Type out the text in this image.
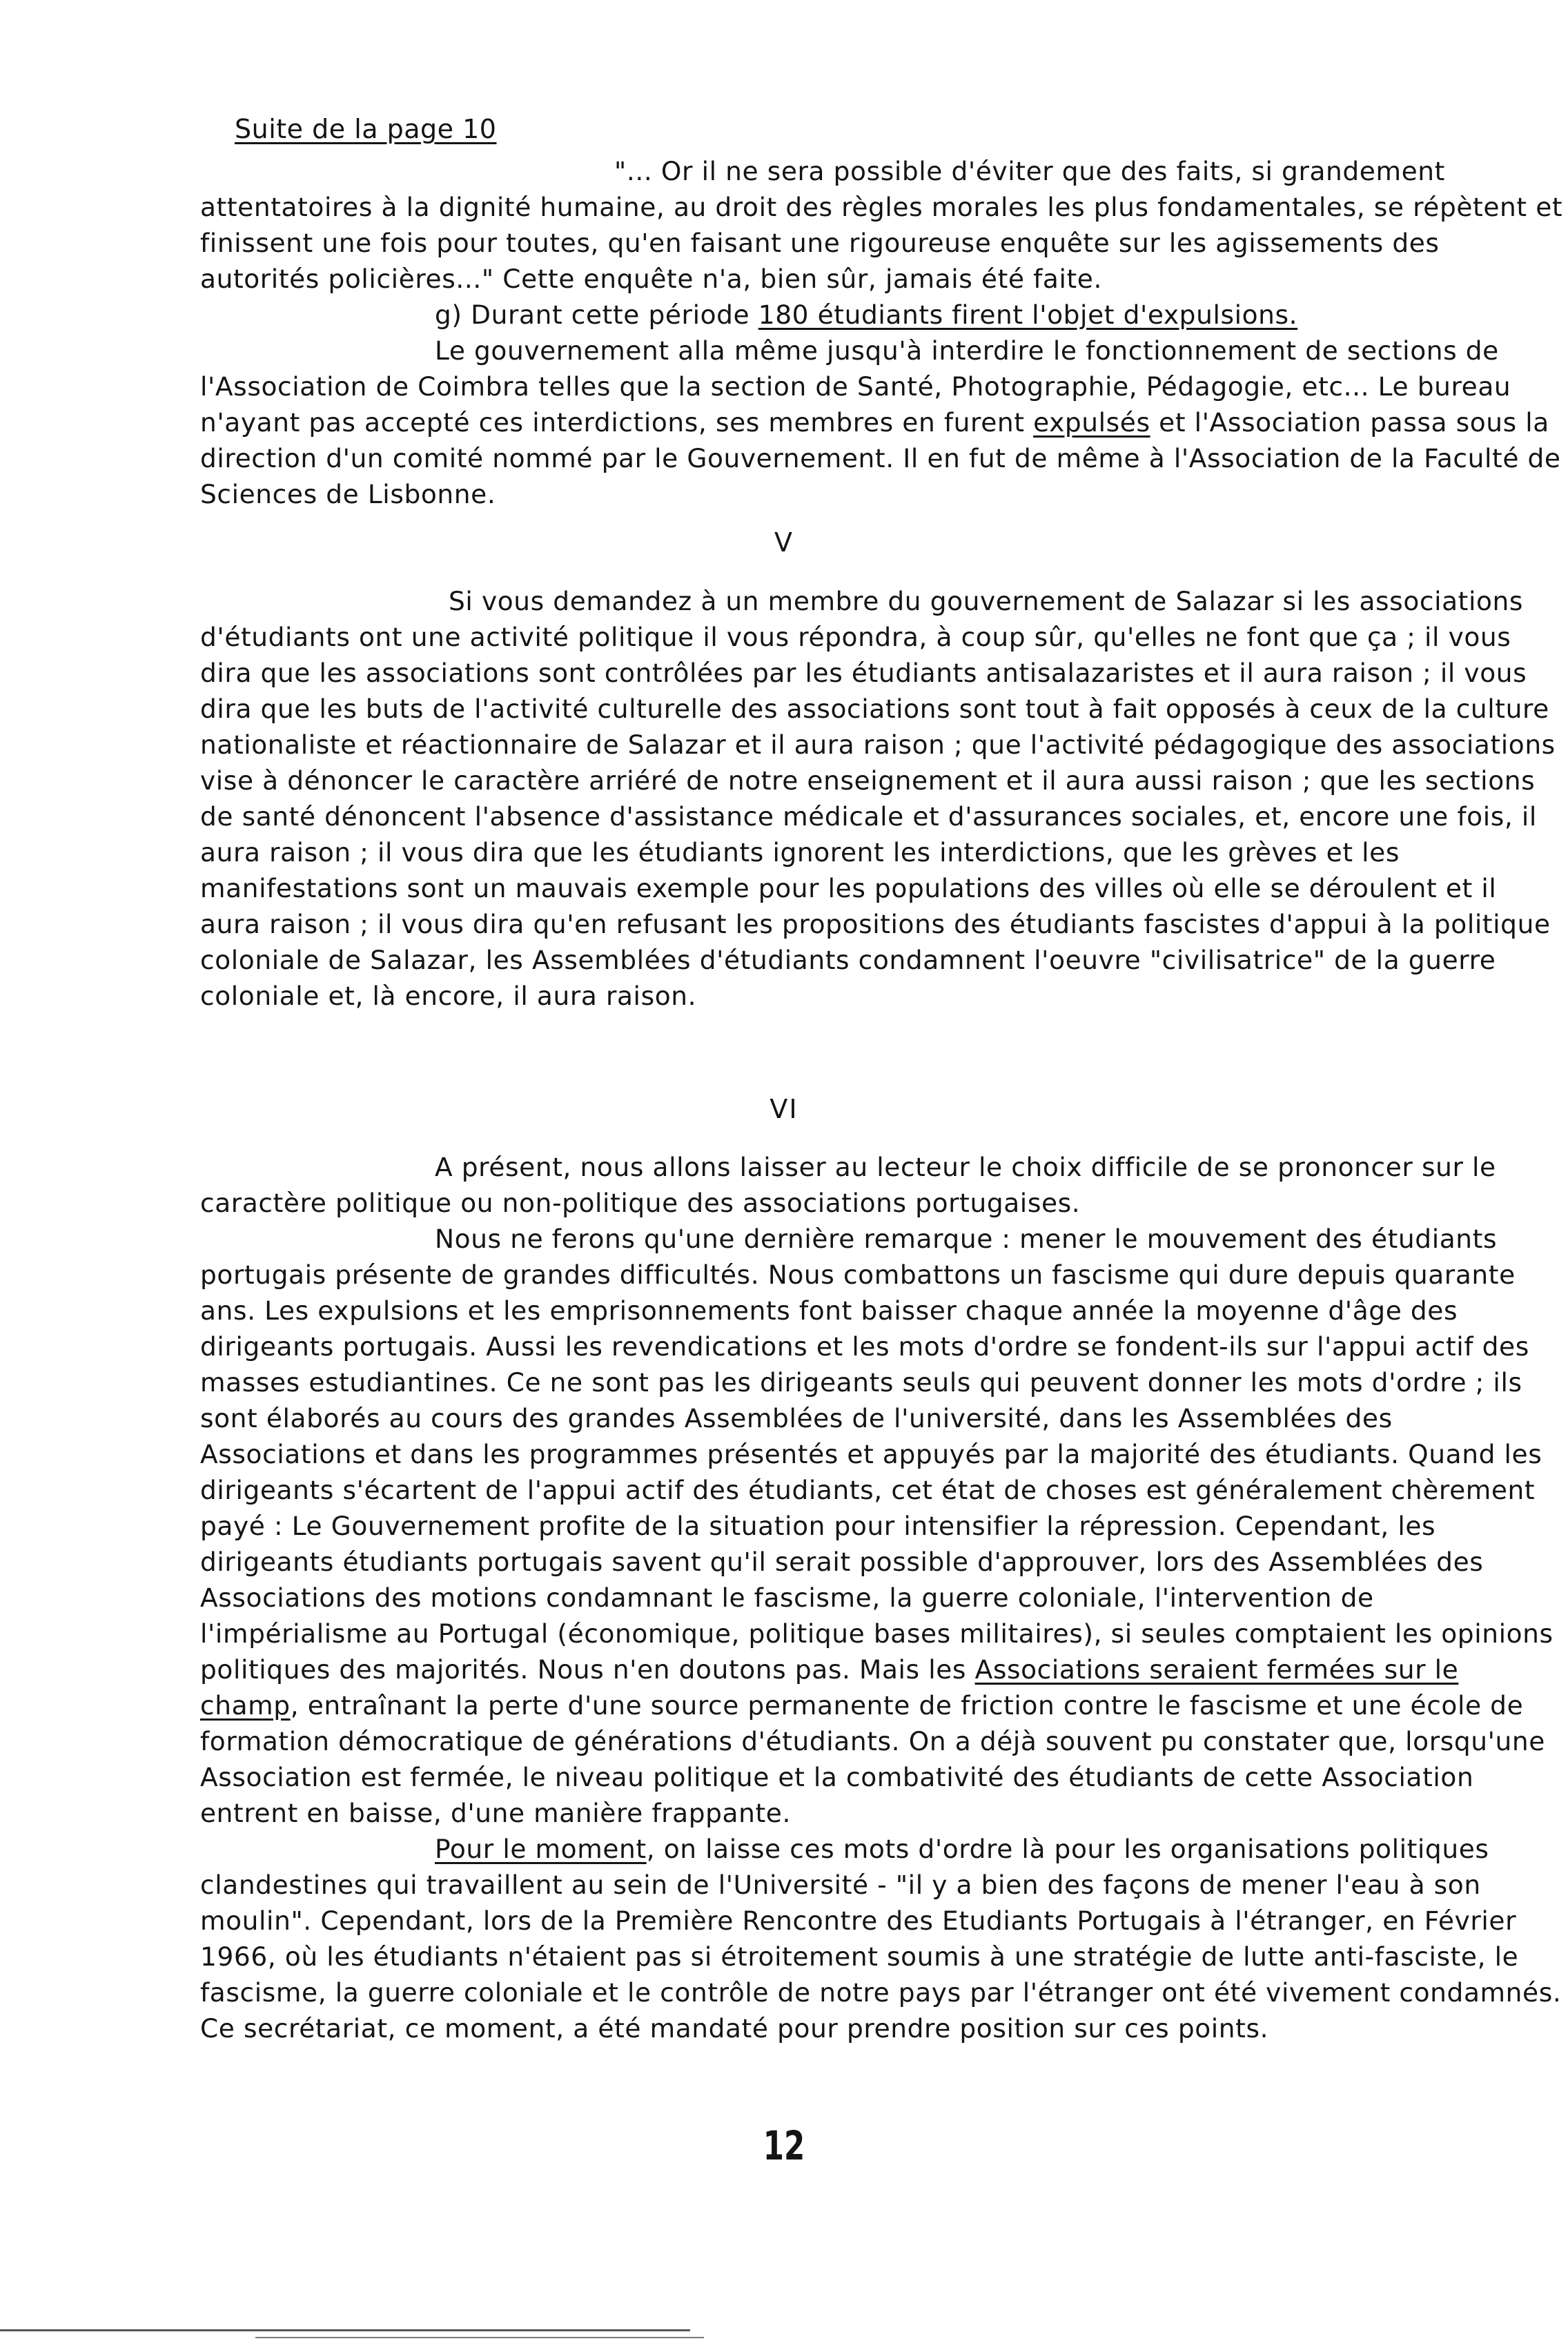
Suite de la page 10

"... Or il ne sera possible d'éviter que des faits, si grandement attentatoires à la dignité humaine, au droit des règles morales les plus fondamentales, se répètent et finissent une fois pour toutes, qu'en faisant une rigoureuse enquête sur les agissements des autorités policières..." Cette enquête n'a, bien sûr, jamais été faite.

g) Durant cette période 180 étudiants firent l'objet d'expulsions.

Le gouvernement alla même jusqu'à interdire le fonctionnement de sections de l'Association de Coimbra telles que la section de Santé, Photographie, Pédagogie, etc... Le bureau n'ayant pas accepté ces interdictions, ses membres en furent expulsés et l'Association passa sous la direction d'un comité nommé par le Gouvernement. Il en fut de même à l'Association de la Faculté de Sciences de Lisbonne.

V

Si vous demandez à un membre du gouvernement de Salazar si les associations d'étudiants ont une activité politique il vous répondra, à coup sûr, qu'elles ne font que ça ; il vous dira que les associations sont contrôlées par les étudiants antisalazaristes et il aura raison ; il vous dira que les buts de l'activité culturelle des associations sont tout à fait opposés à ceux de la culture nationaliste et réactionnaire de Salazar et il aura raison ; que l'activité pédagogique des associations vise à dénoncer le caractère arriéré de notre enseignement et il aura aussi raison ; que les sections de santé dénoncent l'absence d'assistance médicale et d'assurances sociales, et, encore une fois, il aura raison ; il vous dira que les étudiants ignorent les interdictions, que les grèves et les manifestations sont un mauvais exemple pour les populations des villes où elle se déroulent et il aura raison ; il vous dira qu'en refusant les propositions des étudiants fascistes d'appui à la politique coloniale de Salazar, les Assemblées d'étudiants condamnent l'oeuvre "civilisatrice" de la guerre coloniale et, là encore, il aura raison.

VI

A présent, nous allons laisser au lecteur le choix difficile de se prononcer sur le caractère politique ou non-politique des associations portugaises.

Nous ne ferons qu'une dernière remarque : mener le mouvement des étudiants portugais présente de grandes difficultés. Nous combattons un fascisme qui dure depuis quarante ans. Les expulsions et les emprisonnements font baisser chaque année la moyenne d'âge des dirigeants portugais. Aussi les revendications et les mots d'ordre se fondent-ils sur l'appui actif des masses estudiantines. Ce ne sont pas les dirigeants seuls qui peuvent donner les mots d'ordre ; ils sont élaborés au cours des grandes Assemblées de l'université, dans les Assemblées des Associations et dans les programmes présentés et appuyés par la majorité des étudiants. Quand les dirigeants s'écartent de l'appui actif des étudiants, cet état de choses est généralement chèrement payé : Le Gouvernement profite de la situation pour intensifier la répression. Cependant, les dirigeants étudiants portugais savent qu'il serait possible d'approuver, lors des Assemblées des Associations des motions condamnant le fascisme, la guerre coloniale, l'intervention de l'impérialisme au Portugal (économique, politique bases militaires), si seules comptaient les opinions politiques des majorités. Nous n'en doutons pas. Mais les Associations seraient fermées sur le champ, entraînant la perte d'une source permanente de friction contre le fascisme et une école de formation démocratique de générations d'étudiants. On a déjà souvent pu constater que, lorsqu'une Association est fermée, le niveau politique et la combativité des étudiants de cette Association entrent en baisse, d'une manière frappante.

Pour le moment, on laisse ces mots d'ordre là pour les organisations politiques clandestines qui travaillent au sein de l'Université - "il y a bien des façons de mener l'eau à son moulin". Cependant, lors de la Première Rencontre des Etudiants Portugais à l'étranger, en Février 1966, où les étudiants n'étaient pas si étroitement soumis à une stratégie de lutte anti-fasciste, le fascisme, la guerre coloniale et le contrôle de notre pays par l'étranger ont été vivement condamnés. Ce secrétariat, ce moment, a été mandaté pour prendre position sur ces points.

12
